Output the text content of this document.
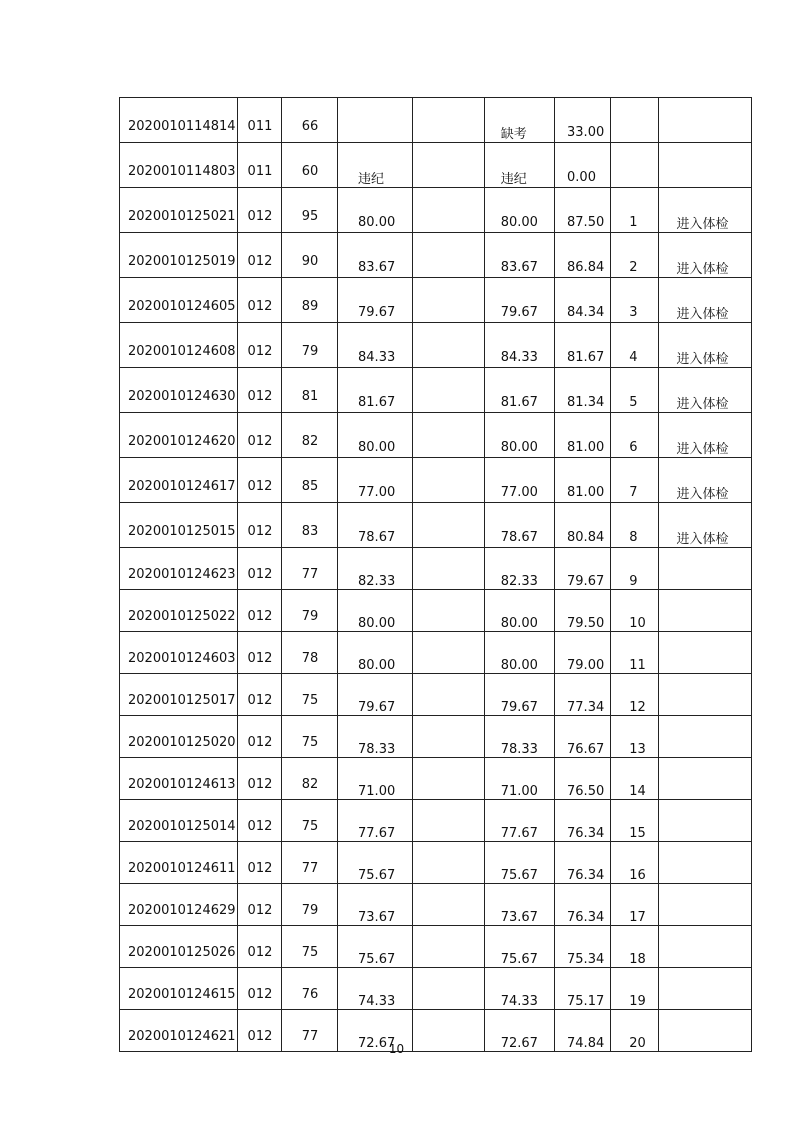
2020010114814	011	66			缺考	33.00		

2020010114803	011	60	违纪		违纪	0.00		

2020010125021	012	95	80.00		80.00	87.50	1	进入体检

2020010125019	012	90	83.67		83.67	86.84	2	进入体检

2020010124605	012	89	79.67		79.67	84.34	3	进入体检

2020010124608	012	79	84.33		84.33	81.67	4	进入体检

2020010124630	012	81	81.67		81.67	81.34	5	进入体检

2020010124620	012	82	80.00		80.00	81.00	6	进入体检

2020010124617	012	85	77.00		77.00	81.00	7	进入体检

2020010125015	012	83	78.67		78.67	80.84	8	进入体检

2020010124623	012	77	82.33		82.33	79.67	9	

2020010125022	012	79	80.00		80.00	79.50	10	

2020010124603	012	78	80.00		80.00	79.00	11	

2020010125017	012	75	79.67		79.67	77.34	12	

2020010125020	012	75	78.33		78.33	76.67	13	

2020010124613	012	82	71.00		71.00	76.50	14	

2020010125014	012	75	77.67		77.67	76.34	15	

2020010124611	012	77	75.67		75.67	76.34	16	

2020010124629	012	79	73.67		73.67	76.34	17	

2020010125026	012	75	75.67		75.67	75.34	18	

2020010124615	012	76	74.33		74.33	75.17	19	

2020010124621	012	77	72.67		72.67	74.84	20	

10
